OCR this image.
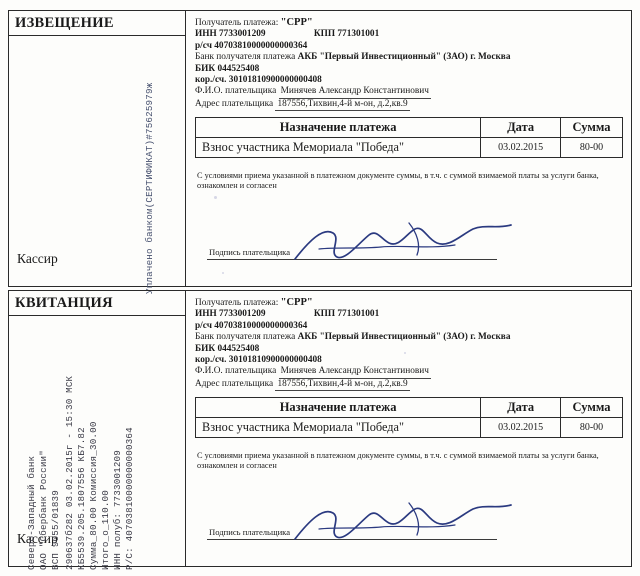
ИЗВЕЩЕНИЕ
Кассир	Уплачено банком(СЕРТИФИКАТ)#75625979ж
Получатель платежа: "СРР"
ИНН 7733001209	КПП 771301001
р/сч 40703810000000000364
Банк получателя платежа АКБ "Первый Инвестиционный" (ЗАО) г. Москва
БИК 044525408
кор./сч. 30101810900000000408
Ф.И.О. плательщика Минячев Александр Константинович
Адрес плательщика 187556,Тихвин,4-й м-он, д.2,кв.9
Назначение платежа	Дата	Сумма
Взнос участника Мемориала "Победа"	03.02.2015	80-00
С условиями приема указанной в платежном документе суммы, в т.ч. с суммой взимаемой платы за услуги банка, ознакомлен и согласен
Подпись плательщика
КВИТАНЦИЯ
Кассир
Северо-Западный банк ОАО "Сбербанк России" ВСП 9055/01839 290637б282 03.02.2015г - 15:30 МСК КБ5539.205.1807556 КБ7.82 Сумма_80.00 Комиссия_30.00 Итого_о_110.00 ИНН полуб: 7733001209 Р/С: 40703810000000000364
Получатель платежа: "СРР"
ИНН 7733001209	КПП 771301001
р/сч 40703810000000000364
Банк получателя платежа АКБ "Первый Инвестиционный" (ЗАО) г. Москва
БИК 044525408
кор./сч. 30101810900000000408
Ф.И.О. плательщика Минячев Александр Константинович
Адрес плательщика 187556,Тихвин,4-й м-он, д.2,кв.9
Назначение платежа	Дата	Сумма
Взнос участника Мемориала "Победа"	03.02.2015	80-00
С условиями приема указанной в платежном документе суммы, в т.ч. с суммой взимаемой платы за услуги банка, ознакомлен и согласен
Подпись плательщика
